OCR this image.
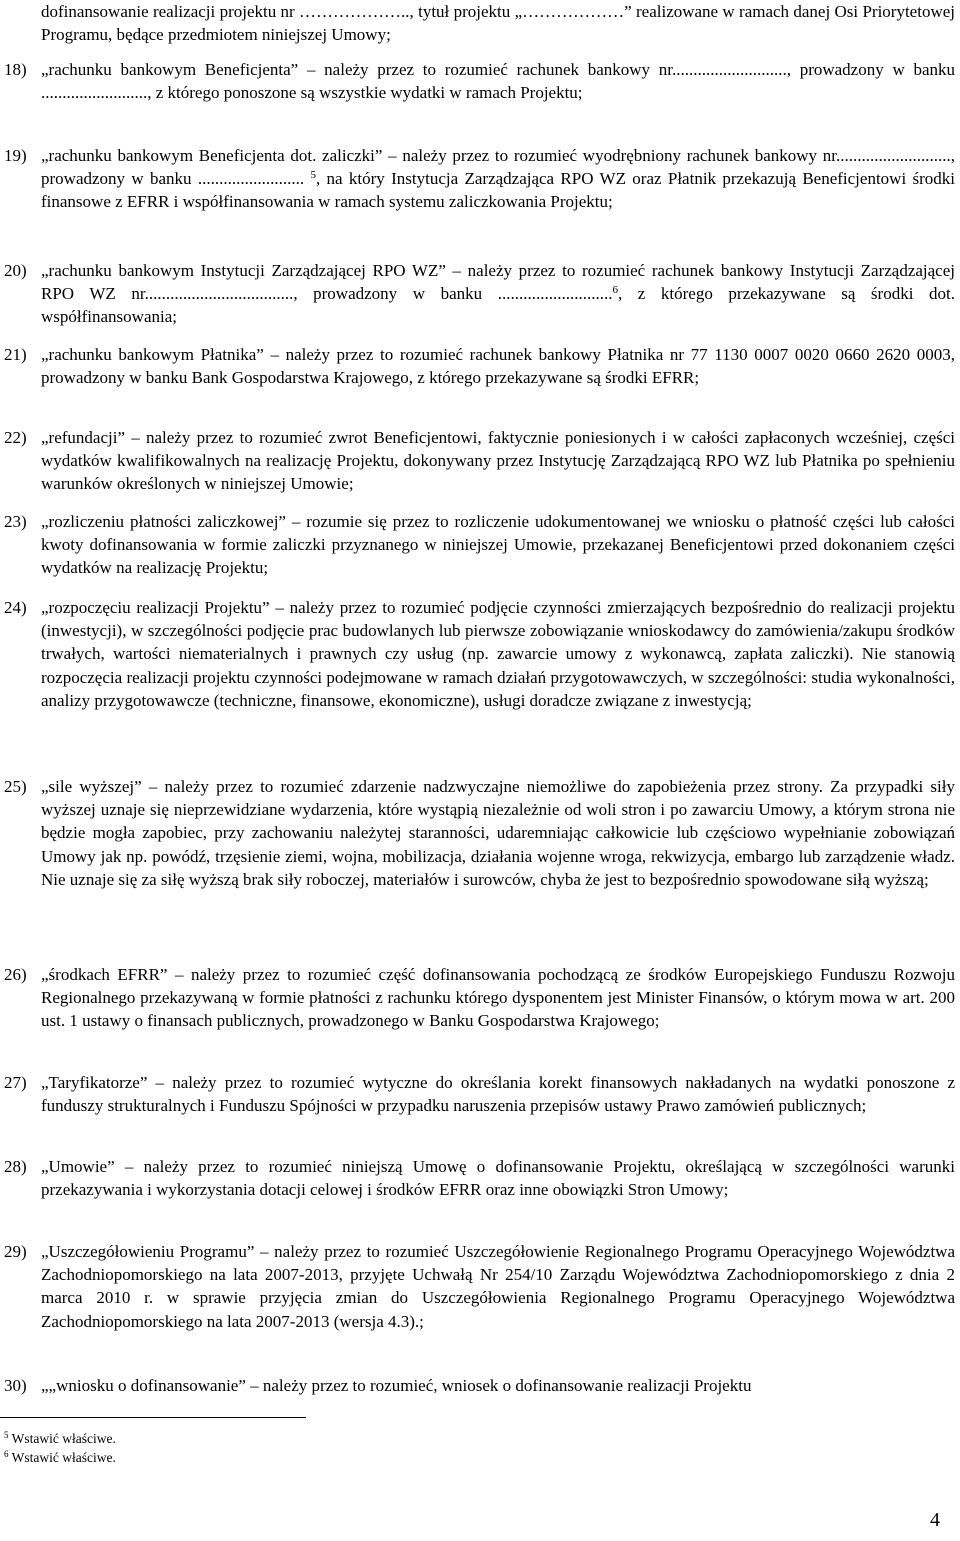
dofinansowanie realizacji projektu nr ……………….., tytuł projektu „………………” realizowane w ramach danej Osi Priorytetowej Programu, będące przedmiotem niniejszej Umowy;
18) „rachunku bankowym Beneficjenta” – należy przez to rozumieć rachunek bankowy nr..........................., prowadzony w banku ........................., z którego ponoszone są wszystkie wydatki w ramach Projektu;
19) „rachunku bankowym Beneficjenta dot. zaliczki” – należy przez to rozumieć wyodrębniony rachunek bankowy nr..........................., prowadzony w banku ......................... $^5$, na który Instytucja Zarządzająca RPO WZ oraz Płatnik przekazują Beneficjentowi środki finansowe z EFRR i współfinansowania w ramach systemu zaliczkowania Projektu;
20) „rachunku bankowym Instytucji Zarządzającej RPO WZ” – należy przez to rozumieć rachunek bankowy Instytucji Zarządzającej RPO WZ nr..................................., prowadzony w banku ...........................$^6$, z którego przekazywane są środki dot. współfinansowania;
21) „rachunku bankowym Płatnika” – należy przez to rozumieć rachunek bankowy Płatnika nr 77 1130 0007 0020 0660 2620 0003, prowadzony w banku Bank Gospodarstwa Krajowego, z którego przekazywane są środki EFRR;
22) „refundacji” – należy przez to rozumieć zwrot Beneficjentowi, faktycznie poniesionych i w całości zapłaconych wcześniej, części wydatków kwalifikowalnych na realizację Projektu, dokonywany przez Instytucję Zarządzającą RPO WZ lub Płatnika po spełnieniu warunków określonych w niniejszej Umowie;
23) „rozliczeniu płatności zaliczkowej” – rozumie się przez to rozliczenie udokumentowanej we wniosku o płatność części lub całości kwoty dofinansowania w formie zaliczki przyznanego w niniejszej Umowie, przekazanej Beneficjentowi przed dokonaniem części wydatków na realizację Projektu;
24) „rozpoczęciu realizacji Projektu” – należy przez to rozumieć podjęcie czynności zmierzających bezpośrednio do realizacji projektu (inwestycji), w szczególności podjęcie prac budowlanych lub pierwsze zobowiązanie wnioskodawcy do zamówienia/zakupu środków trwałych, wartości niematerialnych i prawnych czy usług (np. zawarcie umowy z wykonawcą, zapłata zaliczki). Nie stanowią rozpoczęcia realizacji projektu czynności podejmowane w ramach działań przygotowawczych, w szczególności: studia wykonalności, analizy przygotowawcze (techniczne, finansowe, ekonomiczne), usługi doradcze związane z inwestycją;
25) „sile wyższej” – należy przez to rozumieć zdarzenie nadzwyczajne niemożliwe do zapobieżenia przez strony. Za przypadki siły wyższej uznaje się nieprzewidziane wydarzenia, które wystąpią niezależnie od woli stron i po zawarciu Umowy, a którym strona nie będzie mogła zapobiec, przy zachowaniu należytej staranności, udaremniając całkowicie lub częściowo wypełnianie zobowiązań Umowy jak np. powódź, trzęsienie ziemi, wojna, mobilizacja, działania wojenne wroga, rekwizycja, embargo lub zarządzenie władz. Nie uznaje się za siłę wyższą brak siły roboczej, materiałów i surowców, chyba że jest to bezpośrednio spowodowane siłą wyższą;
26) „środkach EFRR” – należy przez to rozumieć część dofinansowania pochodzącą ze środków Europejskiego Funduszu Rozwoju Regionalnego przekazywaną w formie płatności z rachunku którego dysponentem jest Minister Finansów, o którym mowa w art. 200 ust. 1 ustawy o finansach publicznych, prowadzonego w Banku Gospodarstwa Krajowego;
27) „Taryfikatorze” – należy przez to rozumieć wytyczne do określania korekt finansowych nakładanych na wydatki ponoszone z funduszy strukturalnych i Funduszu Spójności w przypadku naruszenia przepisów ustawy Prawo zamówień publicznych;
28) „Umowie” – należy przez to rozumieć niniejszą Umowę o dofinansowanie Projektu, określającą w szczególności warunki przekazywania i wykorzystania dotacji celowej i środków EFRR oraz inne obowiązki Stron Umowy;
29) „Uszczegółowieniu Programu” – należy przez to rozumieć Uszczegółowienie Regionalnego Programu Operacyjnego Województwa Zachodniopomorskiego na lata 2007-2013, przyjęte Uchwałą Nr 254/10 Zarządu Województwa Zachodniopomorskiego z dnia 2 marca 2010 r. w sprawie przyjęcia zmian do Uszczegółowienia Regionalnego Programu Operacyjnego Województwa Zachodniopomorskiego na lata 2007-2013 (wersja 4.3).;
30) „„wniosku o dofinansowanie” – należy przez to rozumieć, wniosek o dofinansowanie realizacji Projektu
$^5$ Wstawić właściwe.
$^6$ Wstawić właściwe.
4
